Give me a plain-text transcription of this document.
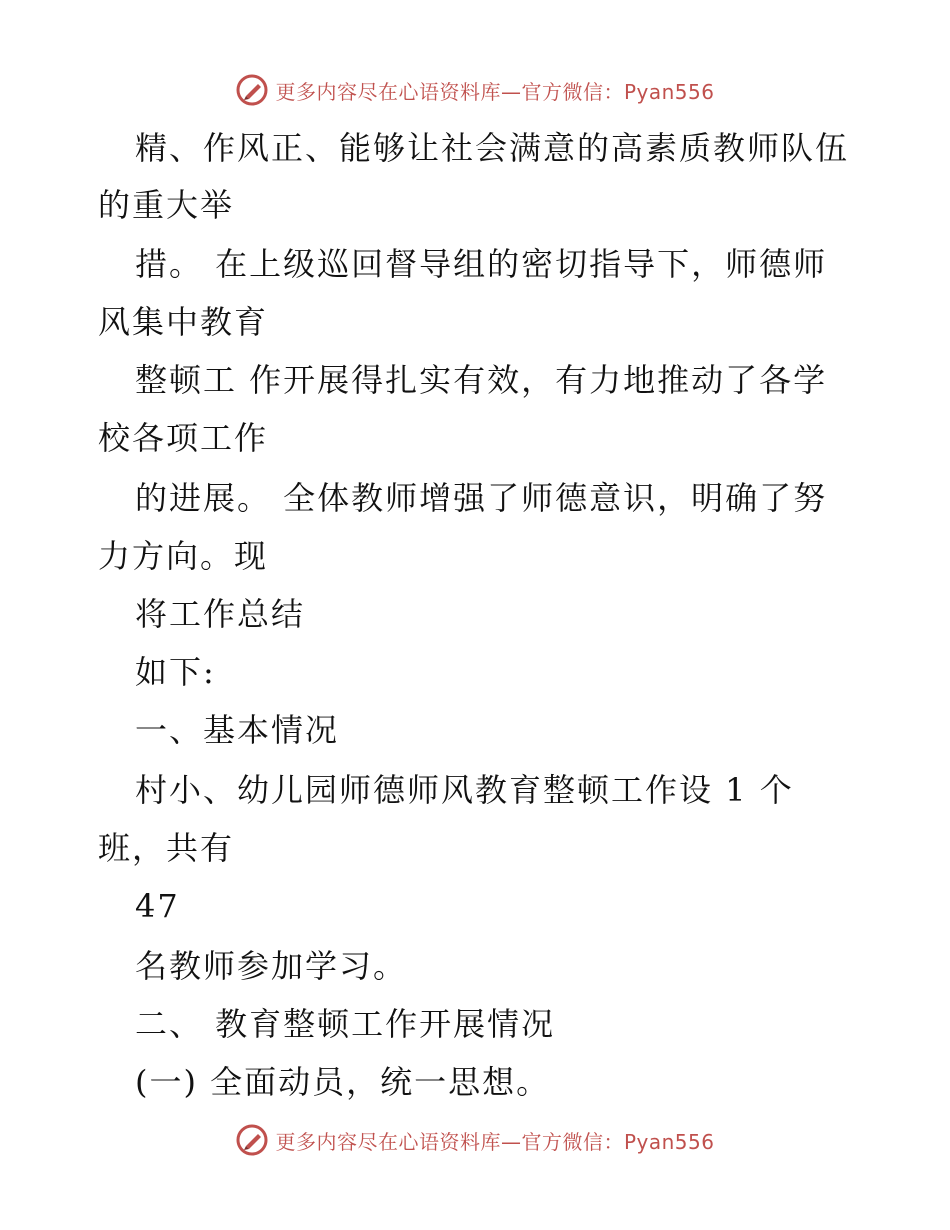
更多内容尽在心语资料库—官方微信：Pyan556
精、作风正、能够让社会满意的高素质教师队伍
的重大举
措。 在上级巡回督导组的密切指导下，师德师
风集中教育
整顿工 作开展得扎实有效，有力地推动了各学
校各项工作
的进展。 全体教师增强了师德意识，明确了努
力方向。现
将工作总结
如下:
一、基本情况
村小、幼儿园师德师风教育整顿工作设 1 个
班，共有
47
名教师参加学习。
二、 教育整顿工作开展情况
(一) 全面动员，统一思想。
更多内容尽在心语资料库—官方微信：Pyan556
